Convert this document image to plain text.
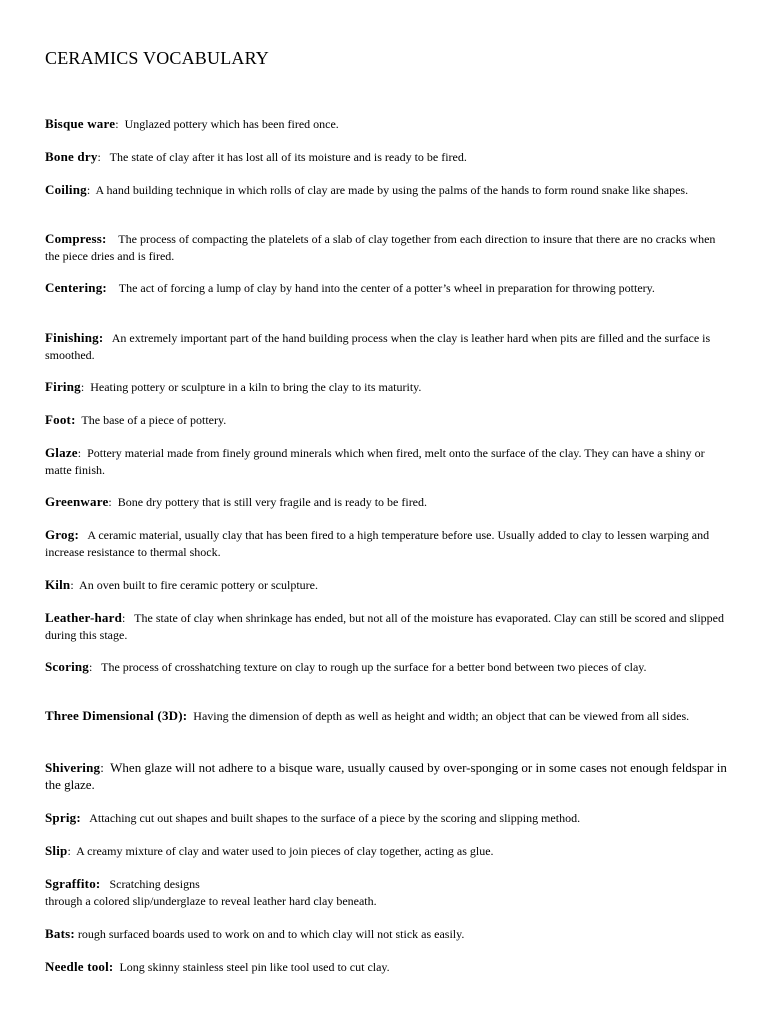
CERAMICS VOCABULARY

Bisque ware:  Unglazed pottery which has been fired once.

Bone dry:   The state of clay after it has lost all of its moisture and is ready to be fired.

Coiling:  A hand building technique in which rolls of clay are made by using the palms of the hands to form round snake like shapes.

Compress: The process of compacting the platelets of a slab of clay together from each direction to insure that there are no cracks when the piece dries and is fired.

Centering: The act of forcing a lump of clay by hand into the center of a potter’s wheel in preparation for throwing pottery.

Finishing: An extremely important part of the hand building process when the clay is leather hard when pits are filled and the surface is smoothed.

Firing:  Heating pottery or sculpture in a kiln to bring the clay to its maturity.

Foot: The base of a piece of pottery.

Glaze:  Pottery material made from finely ground minerals which when fired, melt onto the surface of the clay. They can have a shiny or matte finish.

Greenware:  Bone dry pottery that is still very fragile and is ready to be fired.

Grog: A ceramic material, usually clay that has been fired to a high temperature before use. Usually added to clay to lessen warping and increase resistance to thermal shock.

Kiln:  An oven built to fire ceramic pottery or sculpture.

Leather-hard:   The state of clay when shrinkage has ended, but not all of the moisture has evaporated. Clay can still be scored and slipped during this stage.

Scoring:   The process of crosshatching texture on clay to rough up the surface for a better bond between two pieces of clay.

Three Dimensional (3D): Having the dimension of depth as well as height and width; an object that can be viewed from all sides.

Shivering:  When glaze will not adhere to a bisque ware, usually caused by over-sponging or in some cases not enough feldspar in the glaze.

Sprig: Attaching cut out shapes and built shapes to the surface of a piece by the scoring and slipping method.

Slip:  A creamy mixture of clay and water used to join pieces of clay together, acting as glue.

Sgraffito: Scratching designs
through a colored slip/underglaze to reveal leather hard clay beneath.

Bats: rough surfaced boards used to work on and to which clay will not stick as easily.

Needle tool: Long skinny stainless steel pin like tool used to cut clay.
